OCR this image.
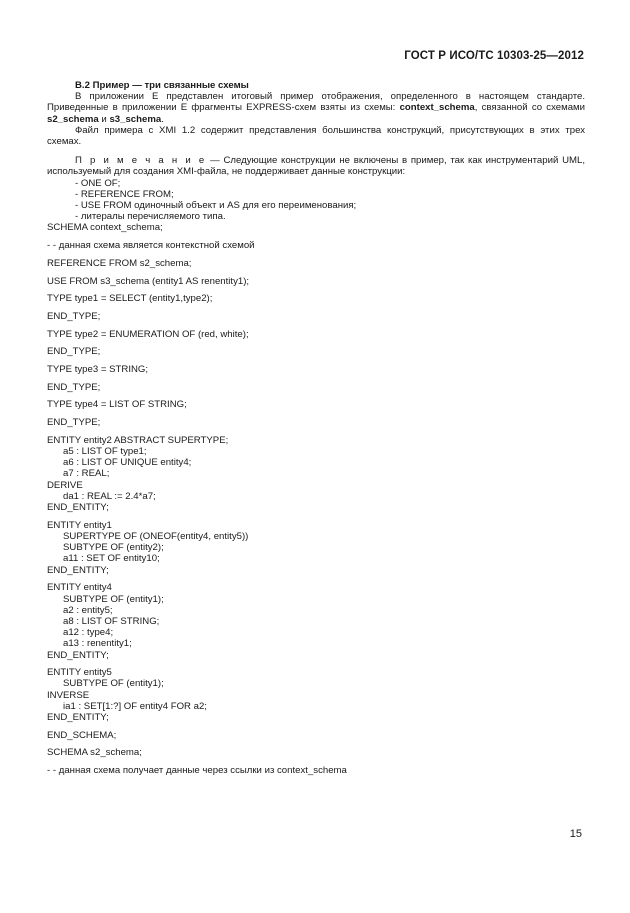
ГОСТ Р ИСО/ТС 10303-25—2012
В.2 Пример — три связанные схемы
В приложении Е представлен итоговый пример отображения, определенного в настоящем стандарте. Приведенные в приложении Е фрагменты EXPRESS-схем взяты из схемы: context_schema, связанной со схемами s2_schema и s3_schema.
Файл примера с XMI 1.2 содержит представления большинства конструкций, присутствующих в этих трех схемах.
П р и м е ч а н и е — Следующие конструкции не включены в пример, так как инструментарий UML, используемый для создания XMI-файла, не поддерживает данные конструкции:
- ONE OF;
- REFERENCE FROM;
- USE FROM одиночный объект и AS для его переименования;
- литералы перечисляемого типа.
SCHEMA context_schema;
- - данная схема является контекстной схемой
REFERENCE FROM s2_schema;
USE FROM s3_schema (entity1 AS renentity1);
TYPE type1 = SELECT (entity1,type2);
END_TYPE;
TYPE type2 = ENUMERATION OF (red, white);
END_TYPE;
TYPE type3 = STRING;
END_TYPE;
TYPE type4 = LIST OF STRING;
END_TYPE;
ENTITY entity2 ABSTRACT SUPERTYPE;
a5 : LIST OF type1;
a6 : LIST OF UNIQUE entity4;
a7 : REAL;
DERIVE
da1 : REAL := 2.4*a7;
END_ENTITY;
ENTITY entity1
SUPERTYPE OF (ONEOF(entity4, entity5))
SUBTYPE OF (entity2);
a11 : SET OF entity10;
END_ENTITY;
ENTITY entity4
SUBTYPE OF (entity1);
a2 : entity5;
a8 : LIST OF STRING;
a12 : type4;
a13 : renentity1;
END_ENTITY;
ENTITY entity5
SUBTYPE OF (entity1);
INVERSE
ia1 : SET[1:?] OF entity4 FOR a2;
END_ENTITY;
END_SCHEMA;
SCHEMA s2_schema;
- - данная схема получает данные через ссылки из context_schema
15
